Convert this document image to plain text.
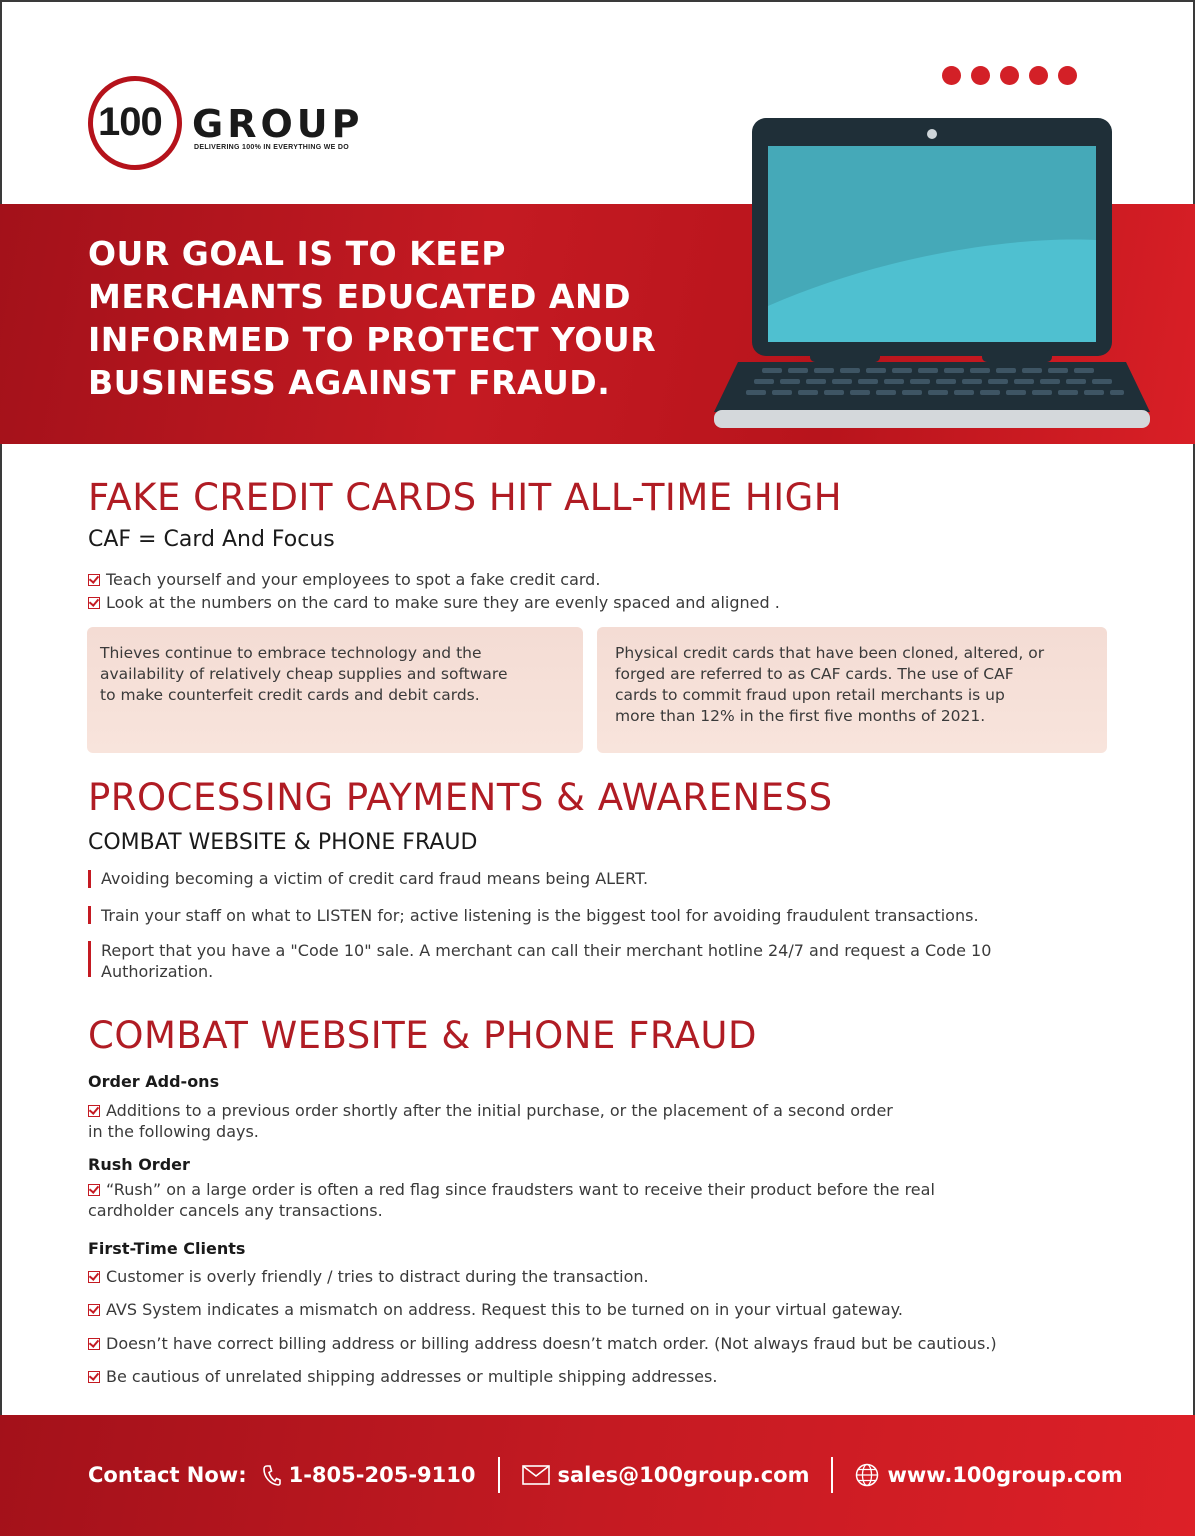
100 GROUP
DELIVERING 100% IN EVERYTHING WE DO
OUR GOAL IS TO KEEP
MERCHANTS EDUCATED AND
INFORMED TO PROTECT YOUR
BUSINESS AGAINST FRAUD.
FAKE CREDIT CARDS HIT ALL-TIME HIGH
CAF = Card And Focus
Teach yourself and your employees to spot a fake credit card.
Look at the numbers on the card to make sure they are evenly spaced and aligned .
Thieves continue to embrace technology and the
availability of relatively cheap supplies and software
to make counterfeit credit cards and debit cards.
Physical credit cards that have been cloned, altered, or
forged are referred to as CAF cards. The use of CAF
cards to commit fraud upon retail merchants is up
more than 12% in the first five months of 2021.
PROCESSING PAYMENTS & AWARENESS
COMBAT WEBSITE & PHONE FRAUD
Avoiding becoming a victim of credit card fraud means being ALERT.
Train your staff on what to LISTEN for; active listening is the biggest tool for avoiding fraudulent transactions.
Report that you have a "Code 10" sale. A merchant can call their merchant hotline 24/7 and request a Code 10
Authorization.
COMBAT WEBSITE & PHONE FRAUD
Order Add-ons
Additions to a previous order shortly after the initial purchase, or the placement of a second order
in the following days.
Rush Order
“Rush” on a large order is often a red flag since fraudsters want to receive their product before the real
cardholder cancels any transactions.
First-Time Clients
Customer is overly friendly / tries to distract during the transaction.
AVS System indicates a mismatch on address. Request this to be turned on in your virtual gateway.
Doesn’t have correct billing address or billing address doesn’t match order. (Not always fraud but be cautious.)
Be cautious of unrelated shipping addresses or multiple shipping addresses.
Contact Now: 1-805-205-9110	sales@100group.com	www.100group.com
